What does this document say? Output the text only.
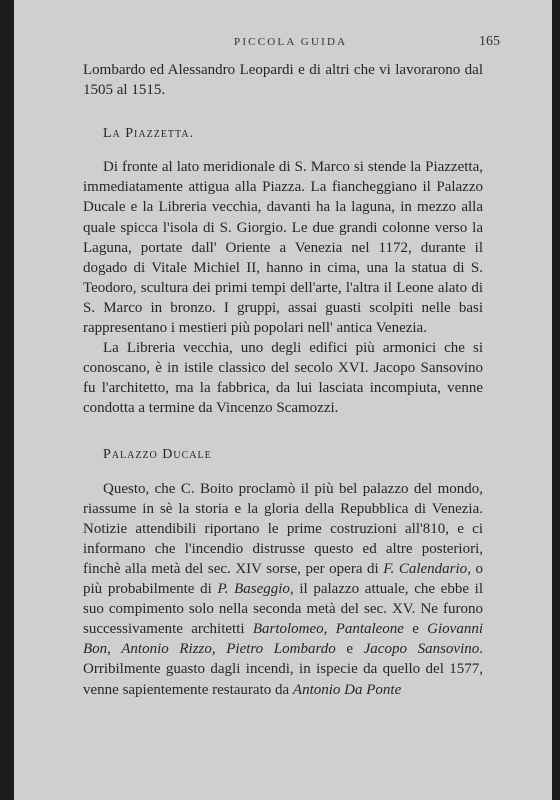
PICCOLA GUIDA	165

Lombardo ed Alessandro Leopardi e di altri che vi lavorarono dal 1505 al 1515.

La Piazzetta.

Di fronte al lato meridionale di S. Marco si stende la Piazzetta, immediatamente attigua alla Piazza. La fiancheggiano il Palazzo Ducale e la Libreria vecchia, davanti ha la laguna, in mezzo alla quale spicca l'isola di S. Giorgio. Le due grandi colonne verso la Laguna, portate dall' Oriente a Venezia nel 1172, durante il dogado di Vitale Michiel II, hanno in cima, una la statua di S. Teodoro, scultura dei primi tempi dell'arte, l'altra il Leone alato di S. Marco in bronzo. I gruppi, assai guasti scolpiti nelle basi rappresentano i mestieri più popolari nell' antica Venezia.

La Libreria vecchia, uno degli edifici più armonici che si conoscano, è in istile classico del secolo XVI. Jacopo Sansovino fu l'architetto, ma la fabbrica, da lui lasciata incompiuta, venne condotta a termine da Vincenzo Scamozzi.

Palazzo Ducale

Questo, che C. Boito proclamò il più bel palazzo del mondo, riassume in sè la storia e la gloria della Repubblica di Venezia. Notizie attendibili riportano le prime costruzioni all'810, e ci informano che l'incendio distrusse questo ed altre posteriori, finchè alla metà del sec. XIV sorse, per opera di F. Calendario, o più probabilmente di P. Baseggio, il palazzo attuale, che ebbe il suo compimento solo nella seconda metà del sec. XV. Ne furono successivamente architetti Bartolomeo, Pantaleone e Giovanni Bon, Antonio Rizzo, Pietro Lombardo e Jacopo Sansovino. Orribilmente guasto dagli incendi, in ispecie da quello del 1577, venne sapientemente restaurato da Antonio Da Ponte
